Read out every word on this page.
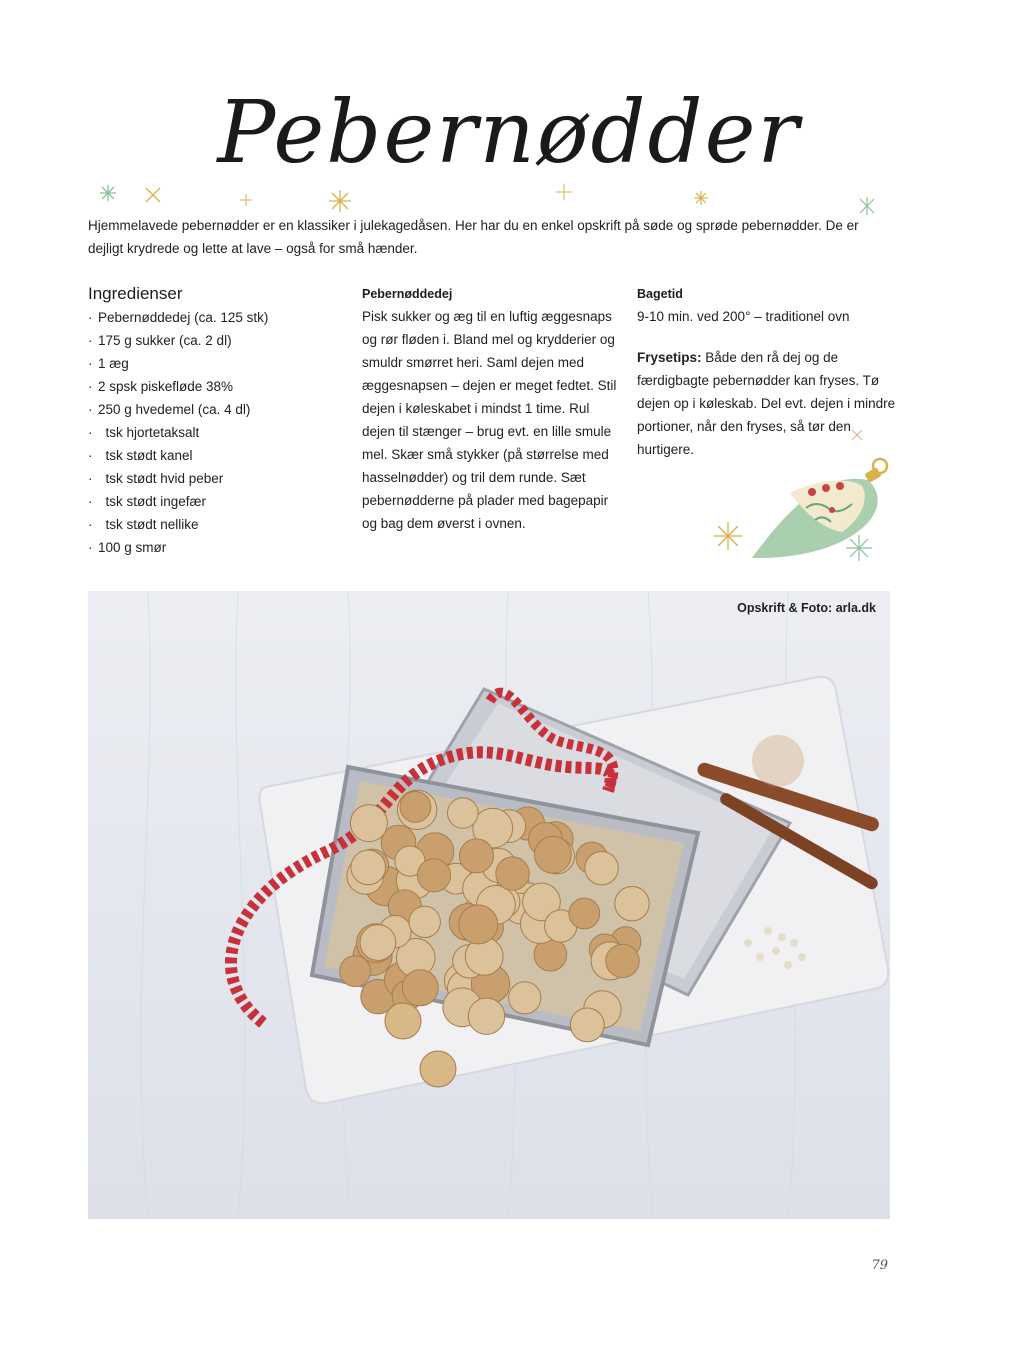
Pebernødder
Hjemmelavede pebernødder er en klassiker i julekagedåsen. Her har du en enkel opskrift på søde og sprøde pebernødder. De er dejligt krydrede og lette at lave – også for små hænder.
Ingredienser
· Pebernøddedej (ca. 125 stk)
· 175 g sukker (ca. 2 dl)
· 1 æg
· 2 spsk piskefløde 38%
· 250 g hvedemel (ca. 4 dl)
·  tsk hjortetaksalt
·  tsk stødt kanel
·  tsk stødt hvid peber
·  tsk stødt ingefær
·  tsk stødt nellike
· 100 g smør
Pebernøddedej
Pisk sukker og æg til en luftig æggesnaps og rør fløden i. Bland mel og krydderier og smuldr smørret heri. Saml dejen med æggesnapsen – dejen er meget fedtet. Stil dejen i køleskabet i mindst 1 time. Rul dejen til stænger – brug evt. en lille smule mel. Skær små stykker (på størrelse med hasselnødder) og tril dem runde. Sæt pebernødderne på plader med bagepapir og bag dem øverst i ovnen.
Bagetid
9-10 min. ved 200° – traditionel ovn
Frysetips: Både den rå dej og de færdigbagte pebernødder kan fryses. Tø dejen op i køleskab. Del evt. dejen i mindre portioner, når den fryses, så tør den hurtigere.
Opskrift & Foto: arla.dk
79
